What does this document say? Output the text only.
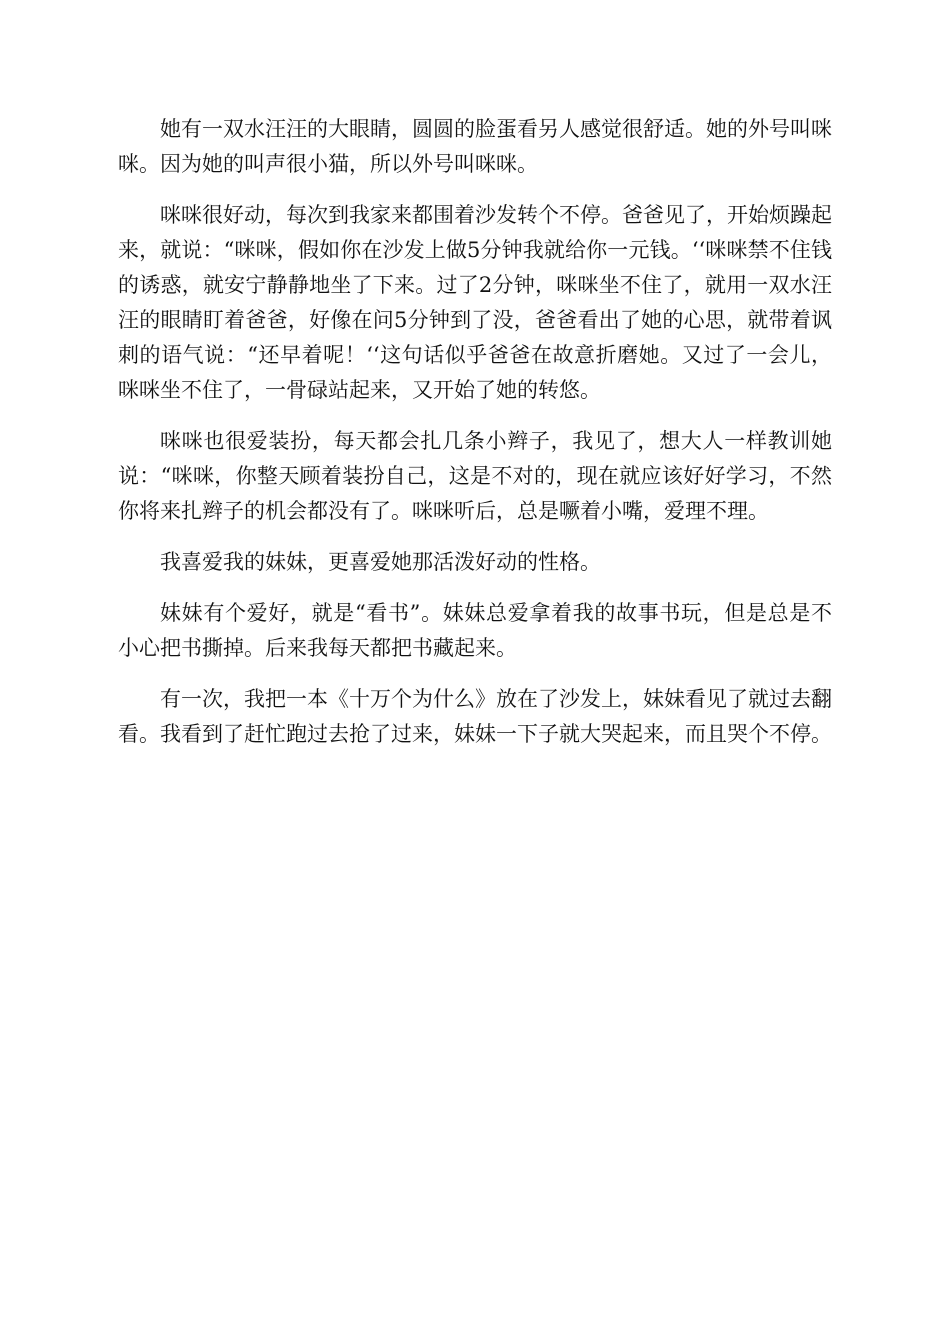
她有一双水汪汪的大眼睛，圆圆的脸蛋看另人感觉很舒适。她的外号叫咪咪。因为她的叫声很小猫，所以外号叫咪咪。

咪咪很好动，每次到我家来都围着沙发转个不停。爸爸见了，开始烦躁起来，就说：“咪咪，假如你在沙发上做5分钟我就给你一元钱。‘‘咪咪禁不住钱的诱惑，就安宁静静地坐了下来。过了2分钟，咪咪坐不住了，就用一双水汪汪的眼睛盯着爸爸，好像在问5分钟到了没，爸爸看出了她的心思，就带着讽刺的语气说：“还早着呢！‘‘这句话似乎爸爸在故意折磨她。又过了一会儿，咪咪坐不住了，一骨碌站起来，又开始了她的转悠。

咪咪也很爱装扮，每天都会扎几条小辫子，我见了，想大人一样教训她说：“咪咪，你整天顾着装扮自己，这是不对的，现在就应该好好学习，不然你将来扎辫子的机会都没有了。咪咪听后，总是噘着小嘴，爱理不理。

我喜爱我的妹妹，更喜爱她那活泼好动的性格。

妹妹有个爱好，就是“看书”。妹妹总爱拿着我的故事书玩，但是总是不小心把书撕掉。后来我每天都把书藏起来。

有一次，我把一本《十万个为什么》放在了沙发上，妹妹看见了就过去翻看。我看到了赶忙跑过去抢了过来，妹妹一下子就大哭起来，而且哭个不停。
